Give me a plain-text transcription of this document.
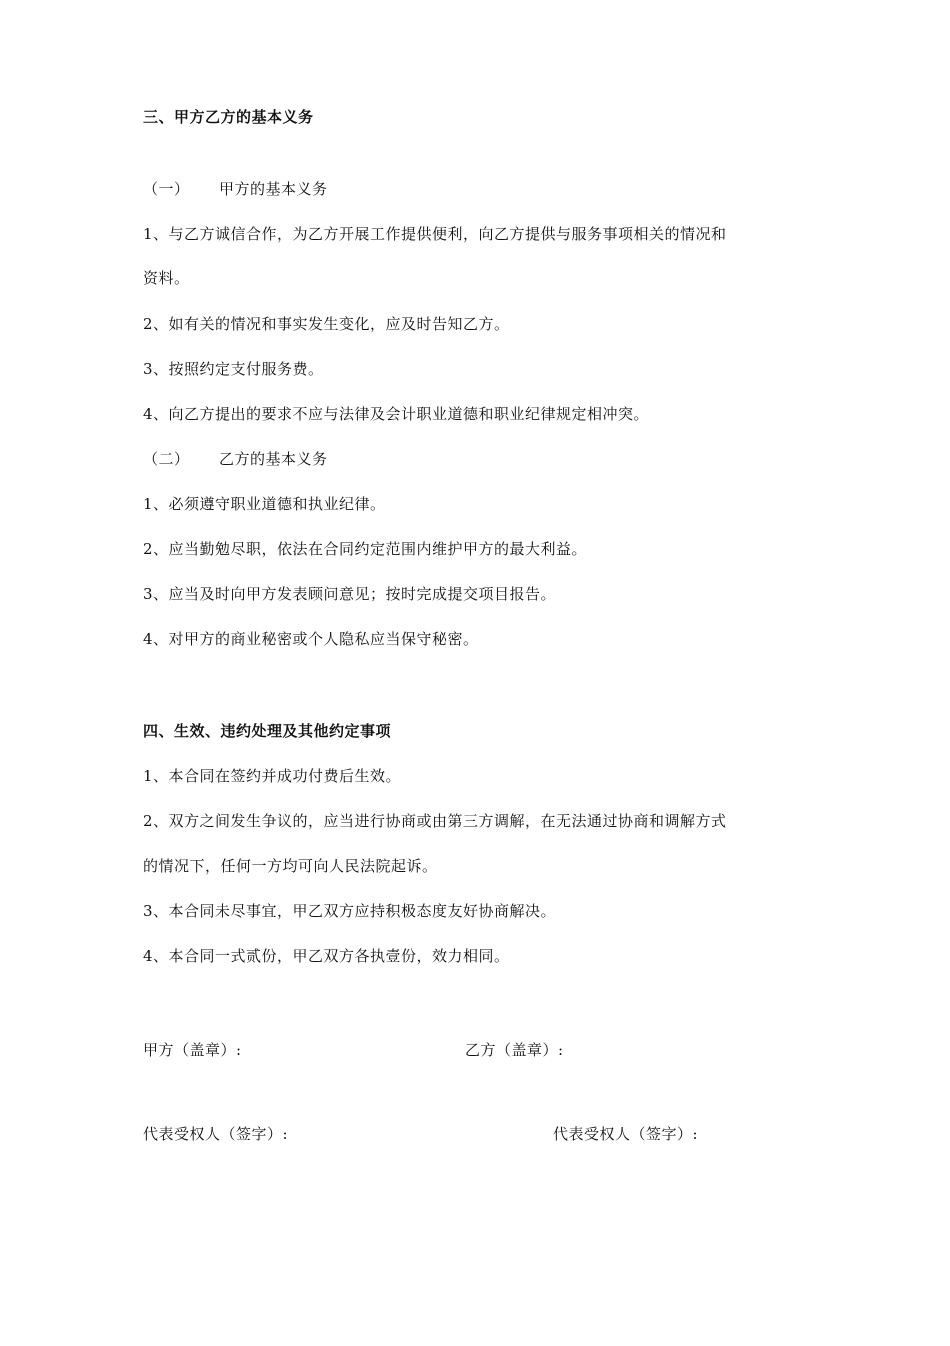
三、甲方乙方的基本义务
（一） 甲方的基本义务
1、与乙方诚信合作，为乙方开展工作提供便利，向乙方提供与服务事项相关的情况和
资料。
2、如有关的情况和事实发生变化，应及时告知乙方。
3、按照约定支付服务费。
4、向乙方提出的要求不应与法律及会计职业道德和职业纪律规定相冲突。
（二） 乙方的基本义务
1、必须遵守职业道德和执业纪律。
2、应当勤勉尽职，依法在合同约定范围内维护甲方的最大利益。
3、应当及时向甲方发表顾问意见；按时完成提交项目报告。
4、对甲方的商业秘密或个人隐私应当保守秘密。
四、生效、违约处理及其他约定事项
1、本合同在签约并成功付费后生效。
2、双方之间发生争议的，应当进行协商或由第三方调解，在无法通过协商和调解方式
的情况下，任何一方均可向人民法院起诉。
3、本合同未尽事宜，甲乙双方应持积极态度友好协商解决。
4、本合同一式贰份，甲乙双方各执壹份，效力相同。
甲方（盖章）:	乙方（盖章）:
代表受权人（签字）:	代表受权人（签字）:
